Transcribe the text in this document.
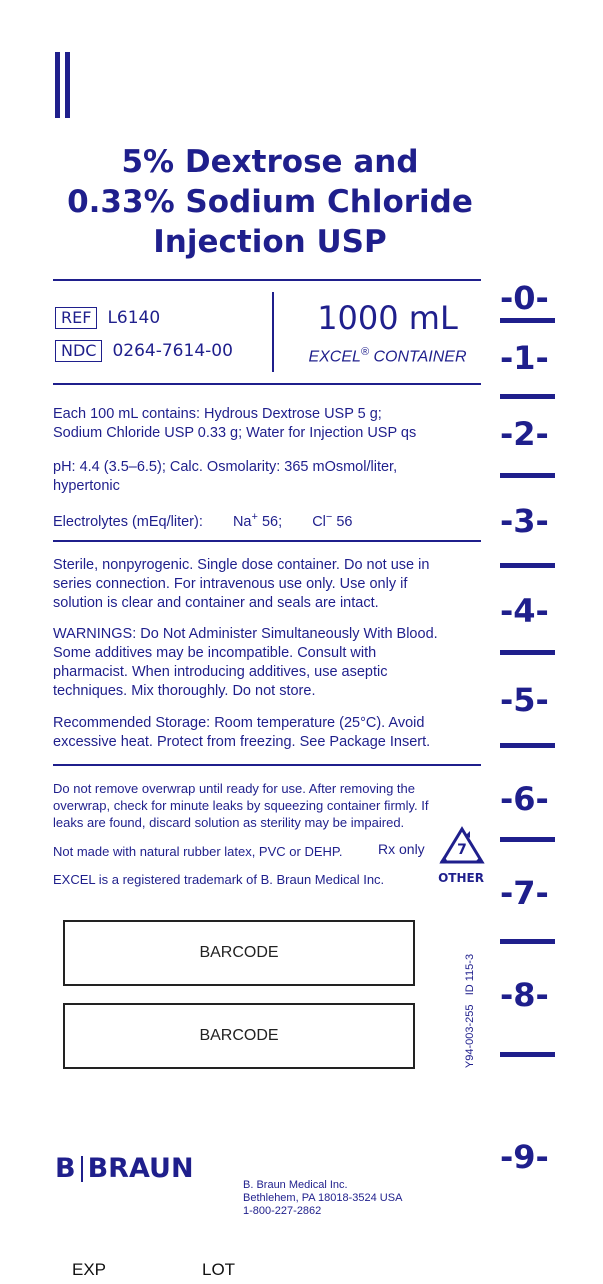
5% Dextrose and
0.33% Sodium Chloride
Injection USP
REF L6140
NDC 0264-7614-00
1000 mL
EXCEL® CONTAINER
Each 100 mL contains: Hydrous Dextrose USP 5 g;
Sodium Chloride USP 0.33 g; Water for Injection USP qs
pH: 4.4 (3.5–6.5); Calc. Osmolarity: 365 mOsmol/liter,
hypertonic
Electrolytes (mEq/liter): Na+ 56; Cl− 56
Sterile, nonpyrogenic. Single dose container. Do not use in
series connection. For intravenous use only. Use only if
solution is clear and container and seals are intact.
WARNINGS: Do Not Administer Simultaneously With Blood.
Some additives may be incompatible. Consult with
pharmacist. When introducing additives, use aseptic
techniques. Mix thoroughly. Do not store.
Recommended Storage: Room temperature (25°C). Avoid
excessive heat. Protect from freezing. See Package Insert.
Do not remove overwrap until ready for use. After removing the
overwrap, check for minute leaks by squeezing container firmly. If
leaks are found, discard solution as sterility may be impaired.
Not made with natural rubber latex, PVC or DEHP.	Rx only 7
OTHER
EXCEL is a registered trademark of B. Braun Medical Inc.
BARCODE
BARCODE	Y94-003-255   ID 115-3
-0-
-1-
-2-
-3-
-4-
-5-
-6-
-7-
-8-
-9-
B BRAUN
B. Braun Medical Inc.
Bethlehem, PA 18018-3524 USA
1-800-227-2862
EXP	LOT
